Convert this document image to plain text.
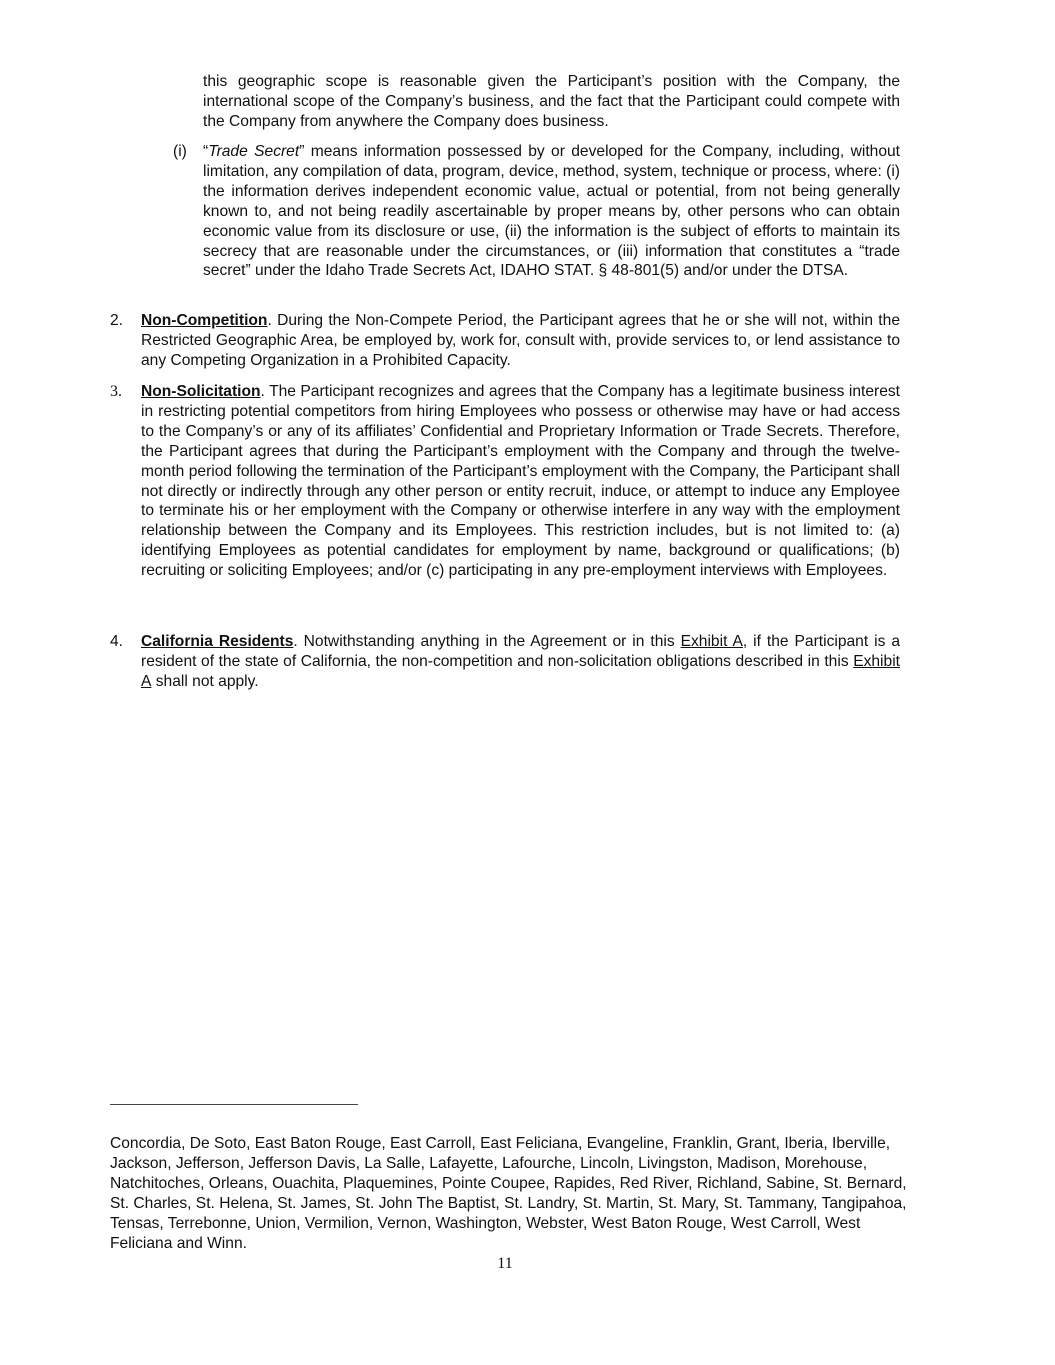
this geographic scope is reasonable given the Participant’s position with the Company, the international scope of the Company’s business, and the fact that the Participant could compete with the Company from anywhere the Company does business.
(i) “Trade Secret” means information possessed by or developed for the Company, including, without limitation, any compilation of data, program, device, method, system, technique or process, where: (i) the information derives independent economic value, actual or potential, from not being generally known to, and not being readily ascertainable by proper means by, other persons who can obtain economic value from its disclosure or use, (ii) the information is the subject of efforts to maintain its secrecy that are reasonable under the circumstances, or (iii) information that constitutes a “trade secret” under the Idaho Trade Secrets Act, IDAHO STAT. § 48-801(5) and/or under the DTSA.
2. Non-Competition. During the Non-Compete Period, the Participant agrees that he or she will not, within the Restricted Geographic Area, be employed by, work for, consult with, provide services to, or lend assistance to any Competing Organization in a Prohibited Capacity.
3. Non-Solicitation. The Participant recognizes and agrees that the Company has a legitimate business interest in restricting potential competitors from hiring Employees who possess or otherwise may have or had access to the Company’s or any of its affiliates’ Confidential and Proprietary Information or Trade Secrets. Therefore, the Participant agrees that during the Participant’s employment with the Company and through the twelve-month period following the termination of the Participant’s employment with the Company, the Participant shall not directly or indirectly through any other person or entity recruit, induce, or attempt to induce any Employee to terminate his or her employment with the Company or otherwise interfere in any way with the employment relationship between the Company and its Employees. This restriction includes, but is not limited to: (a) identifying Employees as potential candidates for employment by name, background or qualifications; (b) recruiting or soliciting Employees; and/or (c) participating in any pre-employment interviews with Employees.
4. California Residents. Notwithstanding anything in the Agreement or in this Exhibit A, if the Participant is a resident of the state of California, the non-competition and non-solicitation obligations described in this Exhibit A shall not apply.
Concordia, De Soto, East Baton Rouge, East Carroll, East Feliciana, Evangeline, Franklin, Grant, Iberia, Iberville, Jackson, Jefferson, Jefferson Davis, La Salle, Lafayette, Lafourche, Lincoln, Livingston, Madison, Morehouse, Natchitoches, Orleans, Ouachita, Plaquemines, Pointe Coupee, Rapides, Red River, Richland, Sabine, St. Bernard, St. Charles, St. Helena, St. James, St. John The Baptist, St. Landry, St. Martin, St. Mary, St. Tammany, Tangipahoa, Tensas, Terrebonne, Union, Vermilion, Vernon, Washington, Webster, West Baton Rouge, West Carroll, West Feliciana and Winn.
11
